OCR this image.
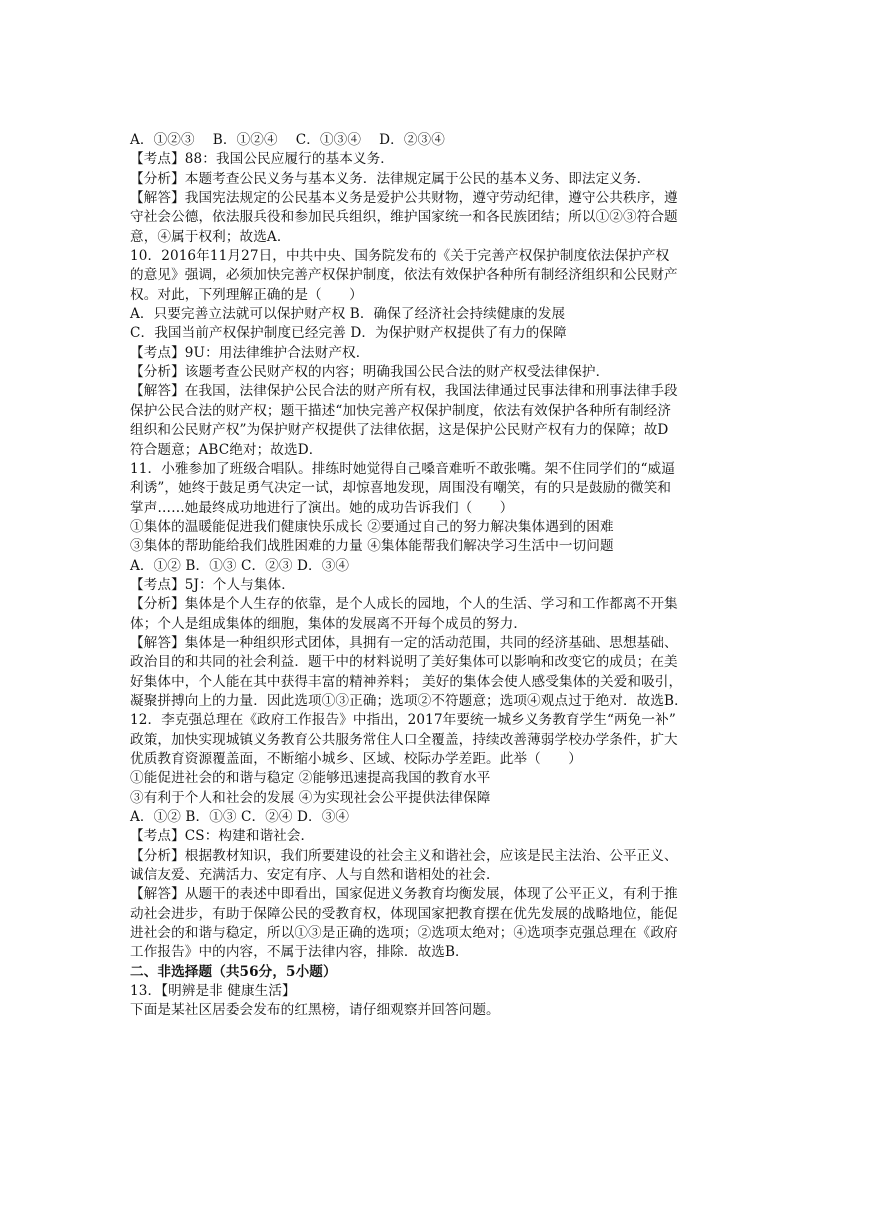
A．①②③　 B．①②④　 C．①③④　 D．②③④
【考点】88：我国公民应履行的基本义务．
【分析】本题考查公民义务与基本义务．法律规定属于公民的基本义务、即法定义务．
【解答】我国宪法规定的公民基本义务是爱护公共财物，遵守劳动纪律，遵守公共秩序，遵
守社会公德，依法服兵役和参加民兵组织，维护国家统一和各民族团结；所以①②③符合题
意，④属于权利；故选A．
10．2016年11月27日，中共中央、国务院发布的《关于完善产权保护制度依法保护产权
的意见》强调，必须加快完善产权保护制度，依法有效保护各种所有制经济组织和公民财产
权。对此，下列理解正确的是（　　）
A．只要完善立法就可以保护财产权 B．确保了经济社会持续健康的发展
C．我国当前产权保护制度已经完善 D．为保护财产权提供了有力的保障
【考点】9U：用法律维护合法财产权．
【分析】该题考查公民财产权的内容；明确我国公民合法的财产权受法律保护．
【解答】在我国，法律保护公民合法的财产所有权，我国法律通过民事法律和刑事法律手段
保护公民合法的财产权；题干描述“加快完善产权保护制度，依法有效保护各种所有制经济
组织和公民财产权”为保护财产权提供了法律依据，这是保护公民财产权有力的保障；故D
符合题意；ABC绝对；故选D．
11．小雅参加了班级合唱队。排练时她觉得自己嗓音难听不敢张嘴。架不住同学们的“威逼
利诱”，她终于鼓足勇气决定一试，却惊喜地发现，周围没有嘲笑，有的只是鼓励的微笑和
掌声……她最终成功地进行了演出。她的成功告诉我们（　　）
①集体的温暖能促进我们健康快乐成长 ②要通过自己的努力解决集体遇到的困难
③集体的帮助能给我们战胜困难的力量 ④集体能帮我们解决学习生活中一切问题
A．①② B．①③ C．②③ D．③④
【考点】5J：个人与集体．
【分析】集体是个人生存的依靠，是个人成长的园地，个人的生活、学习和工作都离不开集
体；个人是组成集体的细胞，集体的发展离不开每个成员的努力．
【解答】集体是一种组织形式团体，具拥有一定的活动范围，共同的经济基础、思想基础、
政治目的和共同的社会利益．题干中的材料说明了美好集体可以影响和改变它的成员；在美
好集体中，个人能在其中获得丰富的精神养料； 美好的集体会使人感受集体的关爱和吸引，
凝聚拼搏向上的力量．因此选项①③正确；选项②不符题意；选项④观点过于绝对．故选B．
12．李克强总理在《政府工作报告》中指出，2017年要统一城乡义务教育学生“两免一补”
政策，加快实现城镇义务教育公共服务常住人口全覆盖，持续改善薄弱学校办学条件，扩大
优质教育资源覆盖面，不断缩小城乡、区域、校际办学差距。此举（　　）
①能促进社会的和谐与稳定 ②能够迅速提高我国的教育水平
③有利于个人和社会的发展 ④为实现社会公平提供法律保障
A．①② B．①③ C．②④ D．③④
【考点】CS：构建和谐社会．
【分析】根据教材知识，我们所要建设的社会主义和谐社会，应该是民主法治、公平正义、
诚信友爱、充满活力、安定有序、人与自然和谐相处的社会．
【解答】从题干的表述中即看出，国家促进义务教育均衡发展，体现了公平正义，有利于推
动社会进步，有助于保障公民的受教育权，体现国家把教育摆在优先发展的战略地位，能促
进社会的和谐与稳定，所以①③是正确的选项；②选项太绝对；④选项李克强总理在《政府
工作报告》中的内容，不属于法律内容，排除．故选B．
二、非选择题（共56分，5小题）
13．【明辨是非 健康生活】
下面是某社区居委会发布的红黑榜，请仔细观察并回答问题。
